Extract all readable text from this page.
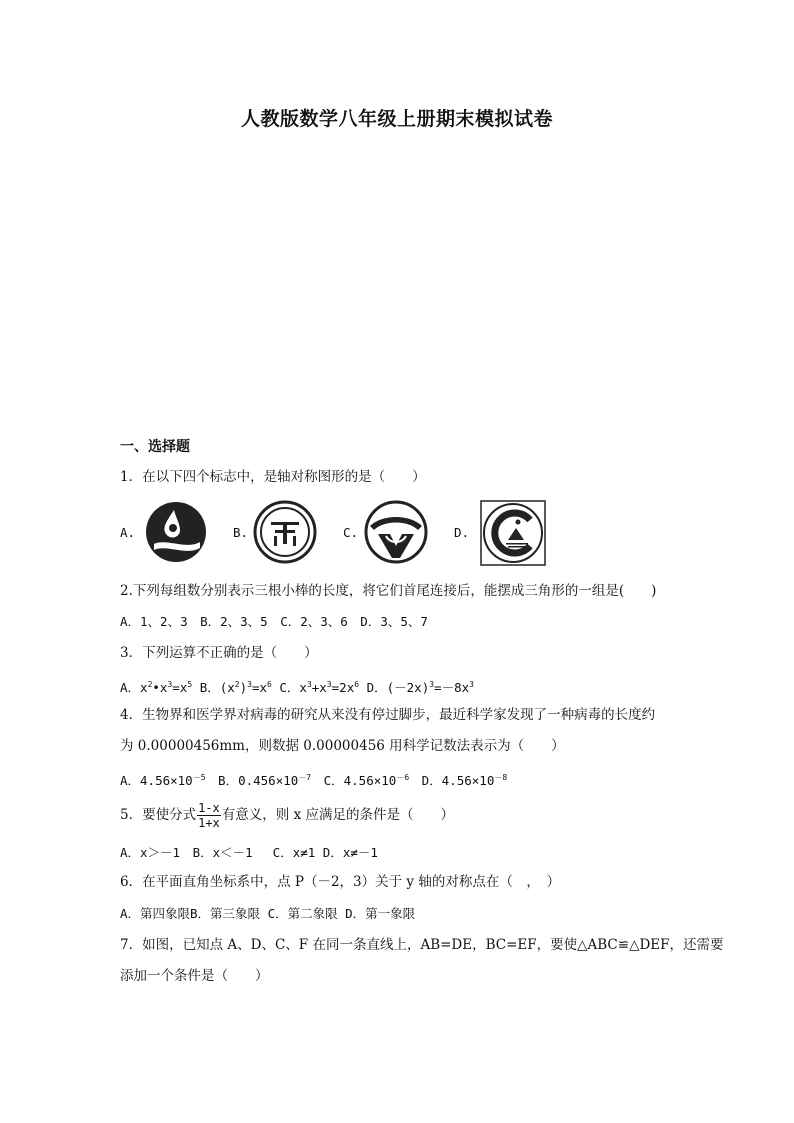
人教版数学八年级上册期末模拟试卷
一、选择题
1．在以下四个标志中，是轴对称图形的是（　　）
A.	B.	C.	D.
2.下列每组数分别表示三根小棒的长度，将它们首尾连接后，能摆成三角形的一组是(　　)
A．1、2、3　B．2、3、5　C．2、3、6　D．3、5、7
3．下列运算不正确的是（　　）
A．$x^2•x^3=x^5$ B．$(x^2)^3=x^6$ C．$x^3+x^3=2x^6$ D．$(-2x)^3=-8x^3$
4．生物界和医学界对病毒的研究从来没有停过脚步，最近科学家发现了一种病毒的长度约
为 0.00000456mm，则数据 0.00000456 用科学记数法表示为（　　）
A．$4.56\times 10^{-5}$　B．$0.456\times 10^{-7}$　C．$4.56\times 10^{-6}$　D．$4.56\times 10^{-8}$
5．要使分式 $\frac{1-x}{1+x}$ 有意义，则 x 应满足的条件是（　　）
A．x＞－1　B．x＜－1　 C．x≠1 D．x≠－1
6．在平面直角坐标系中，点 P（－2，3）关于 y 轴的对称点在（　，　）
A．第四象限B．第三象限 C．第二象限 D．第一象限
7．如图，已知点 A、D、C、F 在同一条直线上，AB=DE，BC=EF，要使△ABC≌△DEF，还需要
添加一个条件是（　　）
